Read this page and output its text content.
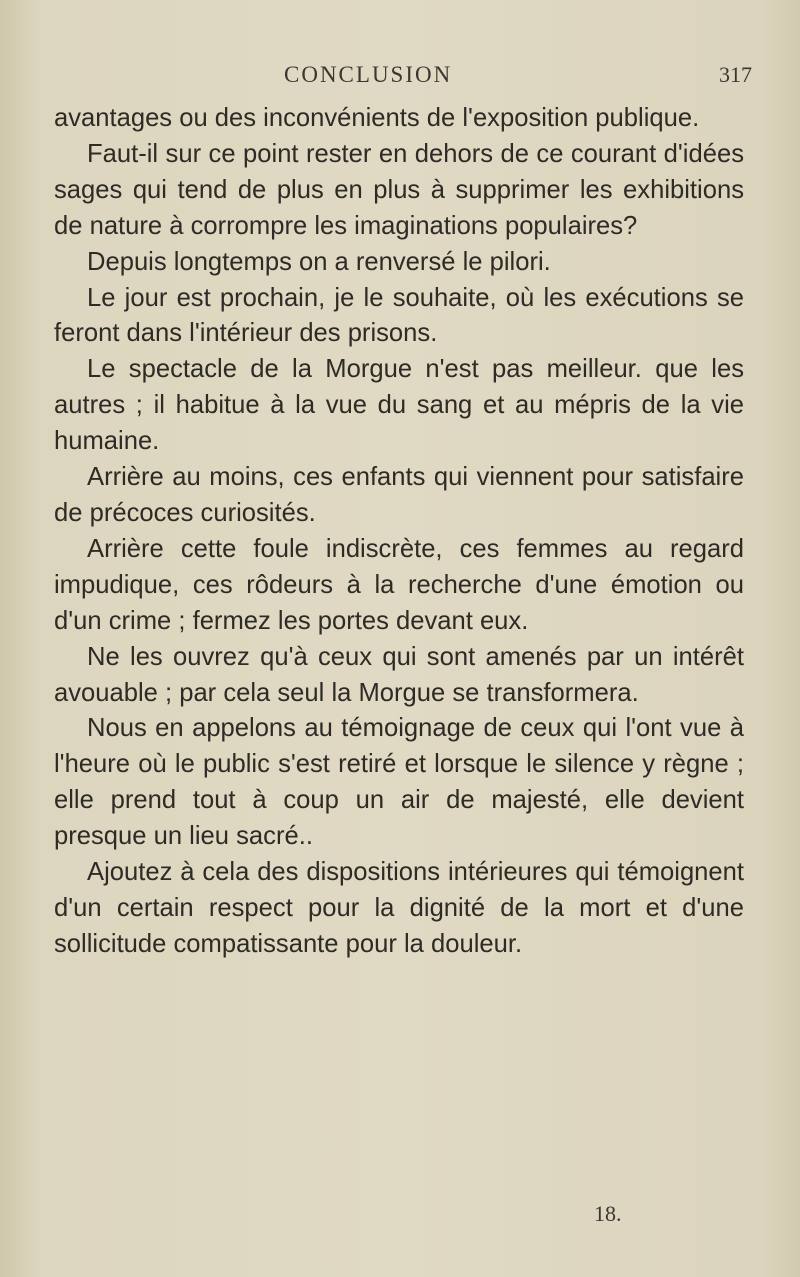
CONCLUSION	317

avantages ou des inconvénients de l'exposition publique.

Faut-il sur ce point rester en dehors de ce courant d'idées sages qui tend de plus en plus à supprimer les exhibitions de nature à corrompre les imaginations populaires?

Depuis longtemps on a renversé le pilori.

Le jour est prochain, je le souhaite, où les exécutions se feront dans l'intérieur des prisons.

Le spectacle de la Morgue n'est pas meilleur. que les autres ; il habitue à la vue du sang et au mépris de la vie humaine.

Arrière au moins, ces enfants qui viennent pour satisfaire de précoces curiosités.

Arrière cette foule indiscrète, ces femmes au regard impudique, ces rôdeurs à la recherche d'une émotion ou d'un crime ; fermez les portes devant eux.

Ne les ouvrez qu'à ceux qui sont amenés par un intérêt avouable ; par cela seul la Morgue se transformera.

Nous en appelons au témoignage de ceux qui l'ont vue à l'heure où le public s'est retiré et lorsque le silence y règne ; elle prend tout à coup un air de majesté, elle devient presque un lieu sacré..

Ajoutez à cela des dispositions intérieures qui témoignent d'un certain respect pour la dignité de la mort et d'une sollicitude compatissante pour la douleur.

18.
